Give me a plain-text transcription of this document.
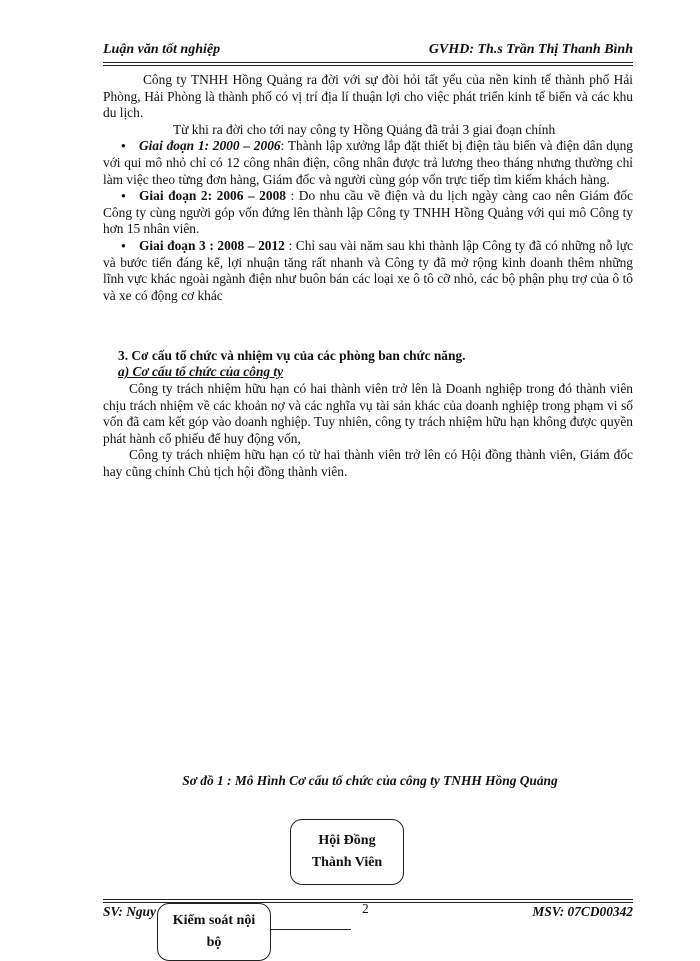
Luận văn tốt nghiệp	GVHD: Th.s Trần Thị Thanh Bình

Công ty TNHH Hồng Quảng ra đời với sự đòi hỏi tất yếu của nền kinh tế thành phố Hải Phòng, Hải Phòng là thành phố có vị trí địa lí thuận lợi cho việc phát triển kinh tế biển và các khu du lịch.

Từ khi ra đời cho tới nay công ty Hồng Quảng đã trải 3 giai đoạn chính

● Giai đoạn 1: 2000 – 2006: Thành lập xưởng lắp đặt thiết bị điện tàu biển và điện dân dụng với qui mô nhỏ chỉ có 12 công nhân điện, công nhân được trả lương theo tháng nhưng thường chỉ làm việc theo từng đơn hàng, Giám đốc và người cùng góp vốn trực tiếp tìm kiếm khách hàng.

● Giai đoạn 2: 2006 – 2008 : Do nhu cầu về điện và du lịch ngày càng cao nên Giám đốc Công ty cùng người góp vốn đứng lên thành lập Công ty TNHH Hồng Quảng với qui mô Công ty hơn 15 nhân viên.

● Giai đoạn 3 : 2008 – 2012 : Chỉ sau vài năm sau khi thành lập Công ty đã có những nỗ lực và bước tiến đáng kể, lợi nhuận tăng rất nhanh và Công ty đã mở rộng kinh doanh thêm những lĩnh vực khác ngoài ngành điện như buôn bán các loại xe ô tô cỡ nhỏ, các bộ phận phụ trợ của ô tô và xe có động cơ khác

3. Cơ cấu tổ chức và nhiệm vụ của các phòng ban chức năng.
a) Cơ cấu tổ chức của công ty

Công ty trách nhiệm hữu hạn có hai thành viên trở lên là Doanh nghiệp trong đó thành viên chịu trách nhiệm về các khoản nợ và các nghĩa vụ tài sản khác của doanh nghiệp trong phạm vi số vốn đã cam kết góp vào doanh nghiệp. Tuy nhiên, công ty trách nhiệm hữu hạn không được quyền phát hành cổ phiếu để huy động vốn,

Công ty trách nhiệm hữu hạn có từ hai thành viên trở lên có Hội đồng thành viên, Giám đốc hay cũng chính Chủ tịch hội đồng thành viên.

Sơ đồ 1 : Mô Hình Cơ cấu tổ chức của công ty TNHH Hồng Quảng
Hội Đồng
Thành Viên
SV: Nguy	2	MSV: 07CD00342
Kiểm soát nội
bộ
